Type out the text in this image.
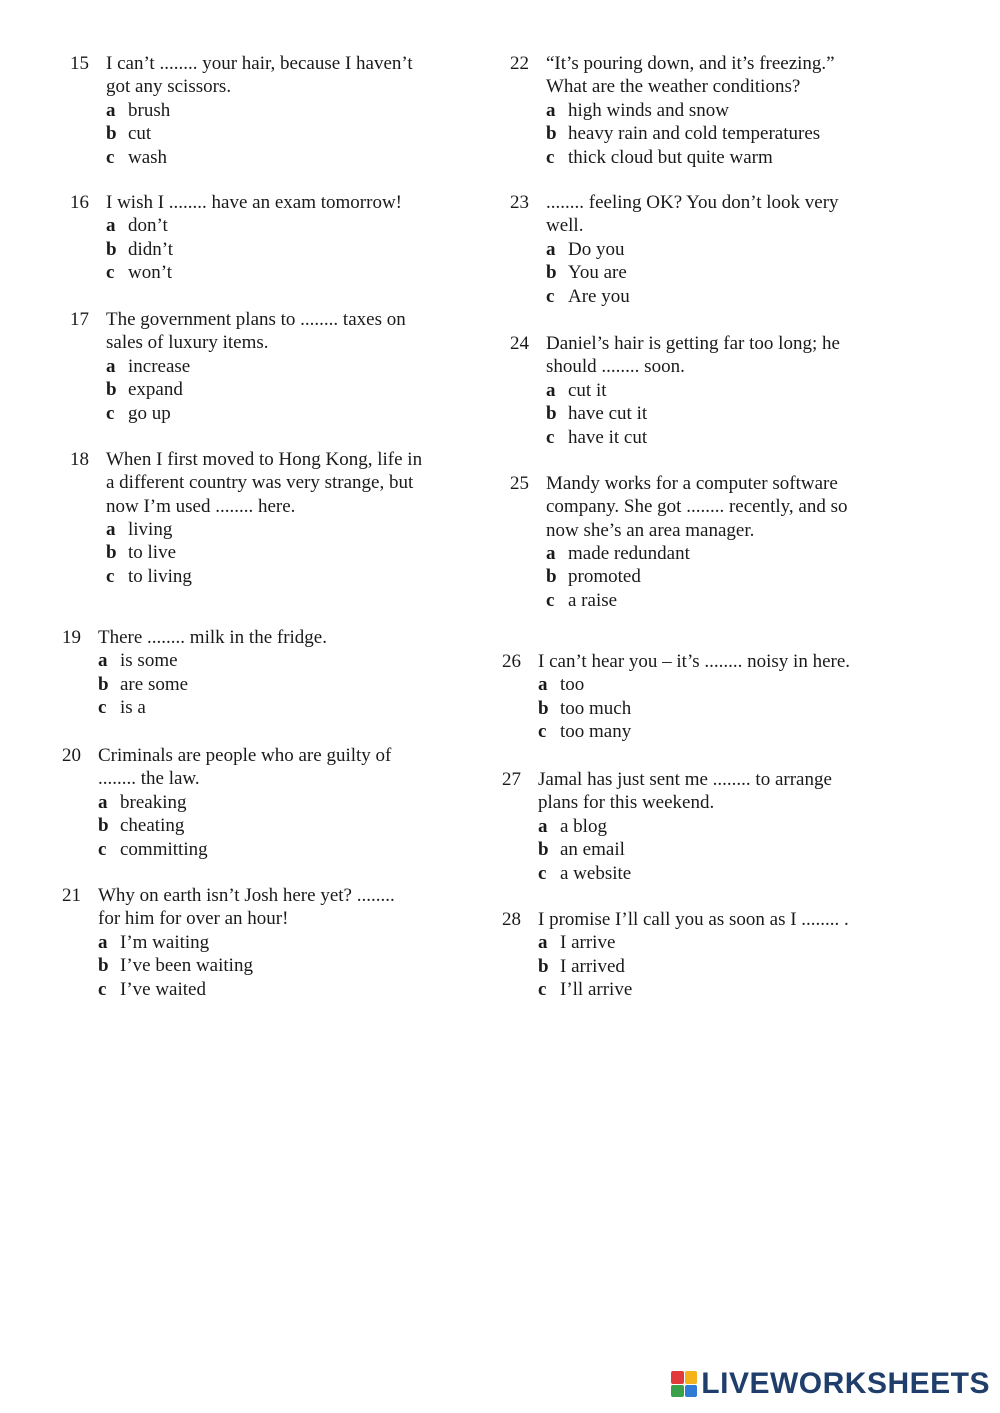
15 I can’t ........ your hair, because I haven’t
got any scissors.
a brush
b cut
c wash
16 I wish I ........ have an exam tomorrow!
a don’t
b didn’t
c won’t
17 The government plans to ........ taxes on
sales of luxury items.
a increase
b expand
c go up
18 When I first moved to Hong Kong, life in
a different country was very strange, but
now I’m used ........ here.
a living
b to live
c to living
19 There ........ milk in the fridge.
a is some
b are some
c is a
20 Criminals are people who are guilty of
........ the law.
a breaking
b cheating
c committing
21 Why on earth isn’t Josh here yet? ........
for him for over an hour!
a I’m waiting
b I’ve been waiting
c I’ve waited
22 “It’s pouring down, and it’s freezing.”
What are the weather conditions?
a high winds and snow
b heavy rain and cold temperatures
c thick cloud but quite warm
23 ........ feeling OK? You don’t look very
well.
a Do you
b You are
c Are you
24 Daniel’s hair is getting far too long; he
should ........ soon.
a cut it
b have cut it
c have it cut
25 Mandy works for a computer software
company. She got ........ recently, and so
now she’s an area manager.
a made redundant
b promoted
c a raise
26 I can’t hear you – it’s ........ noisy in here.
a too
b too much
c too many
27 Jamal has just sent me ........ to arrange
plans for this weekend.
a a blog
b an email
c a website
28 I promise I’ll call you as soon as I ........ .
a I arrive
b I arrived
c I’ll arrive
LIVEWORKSHEETS
